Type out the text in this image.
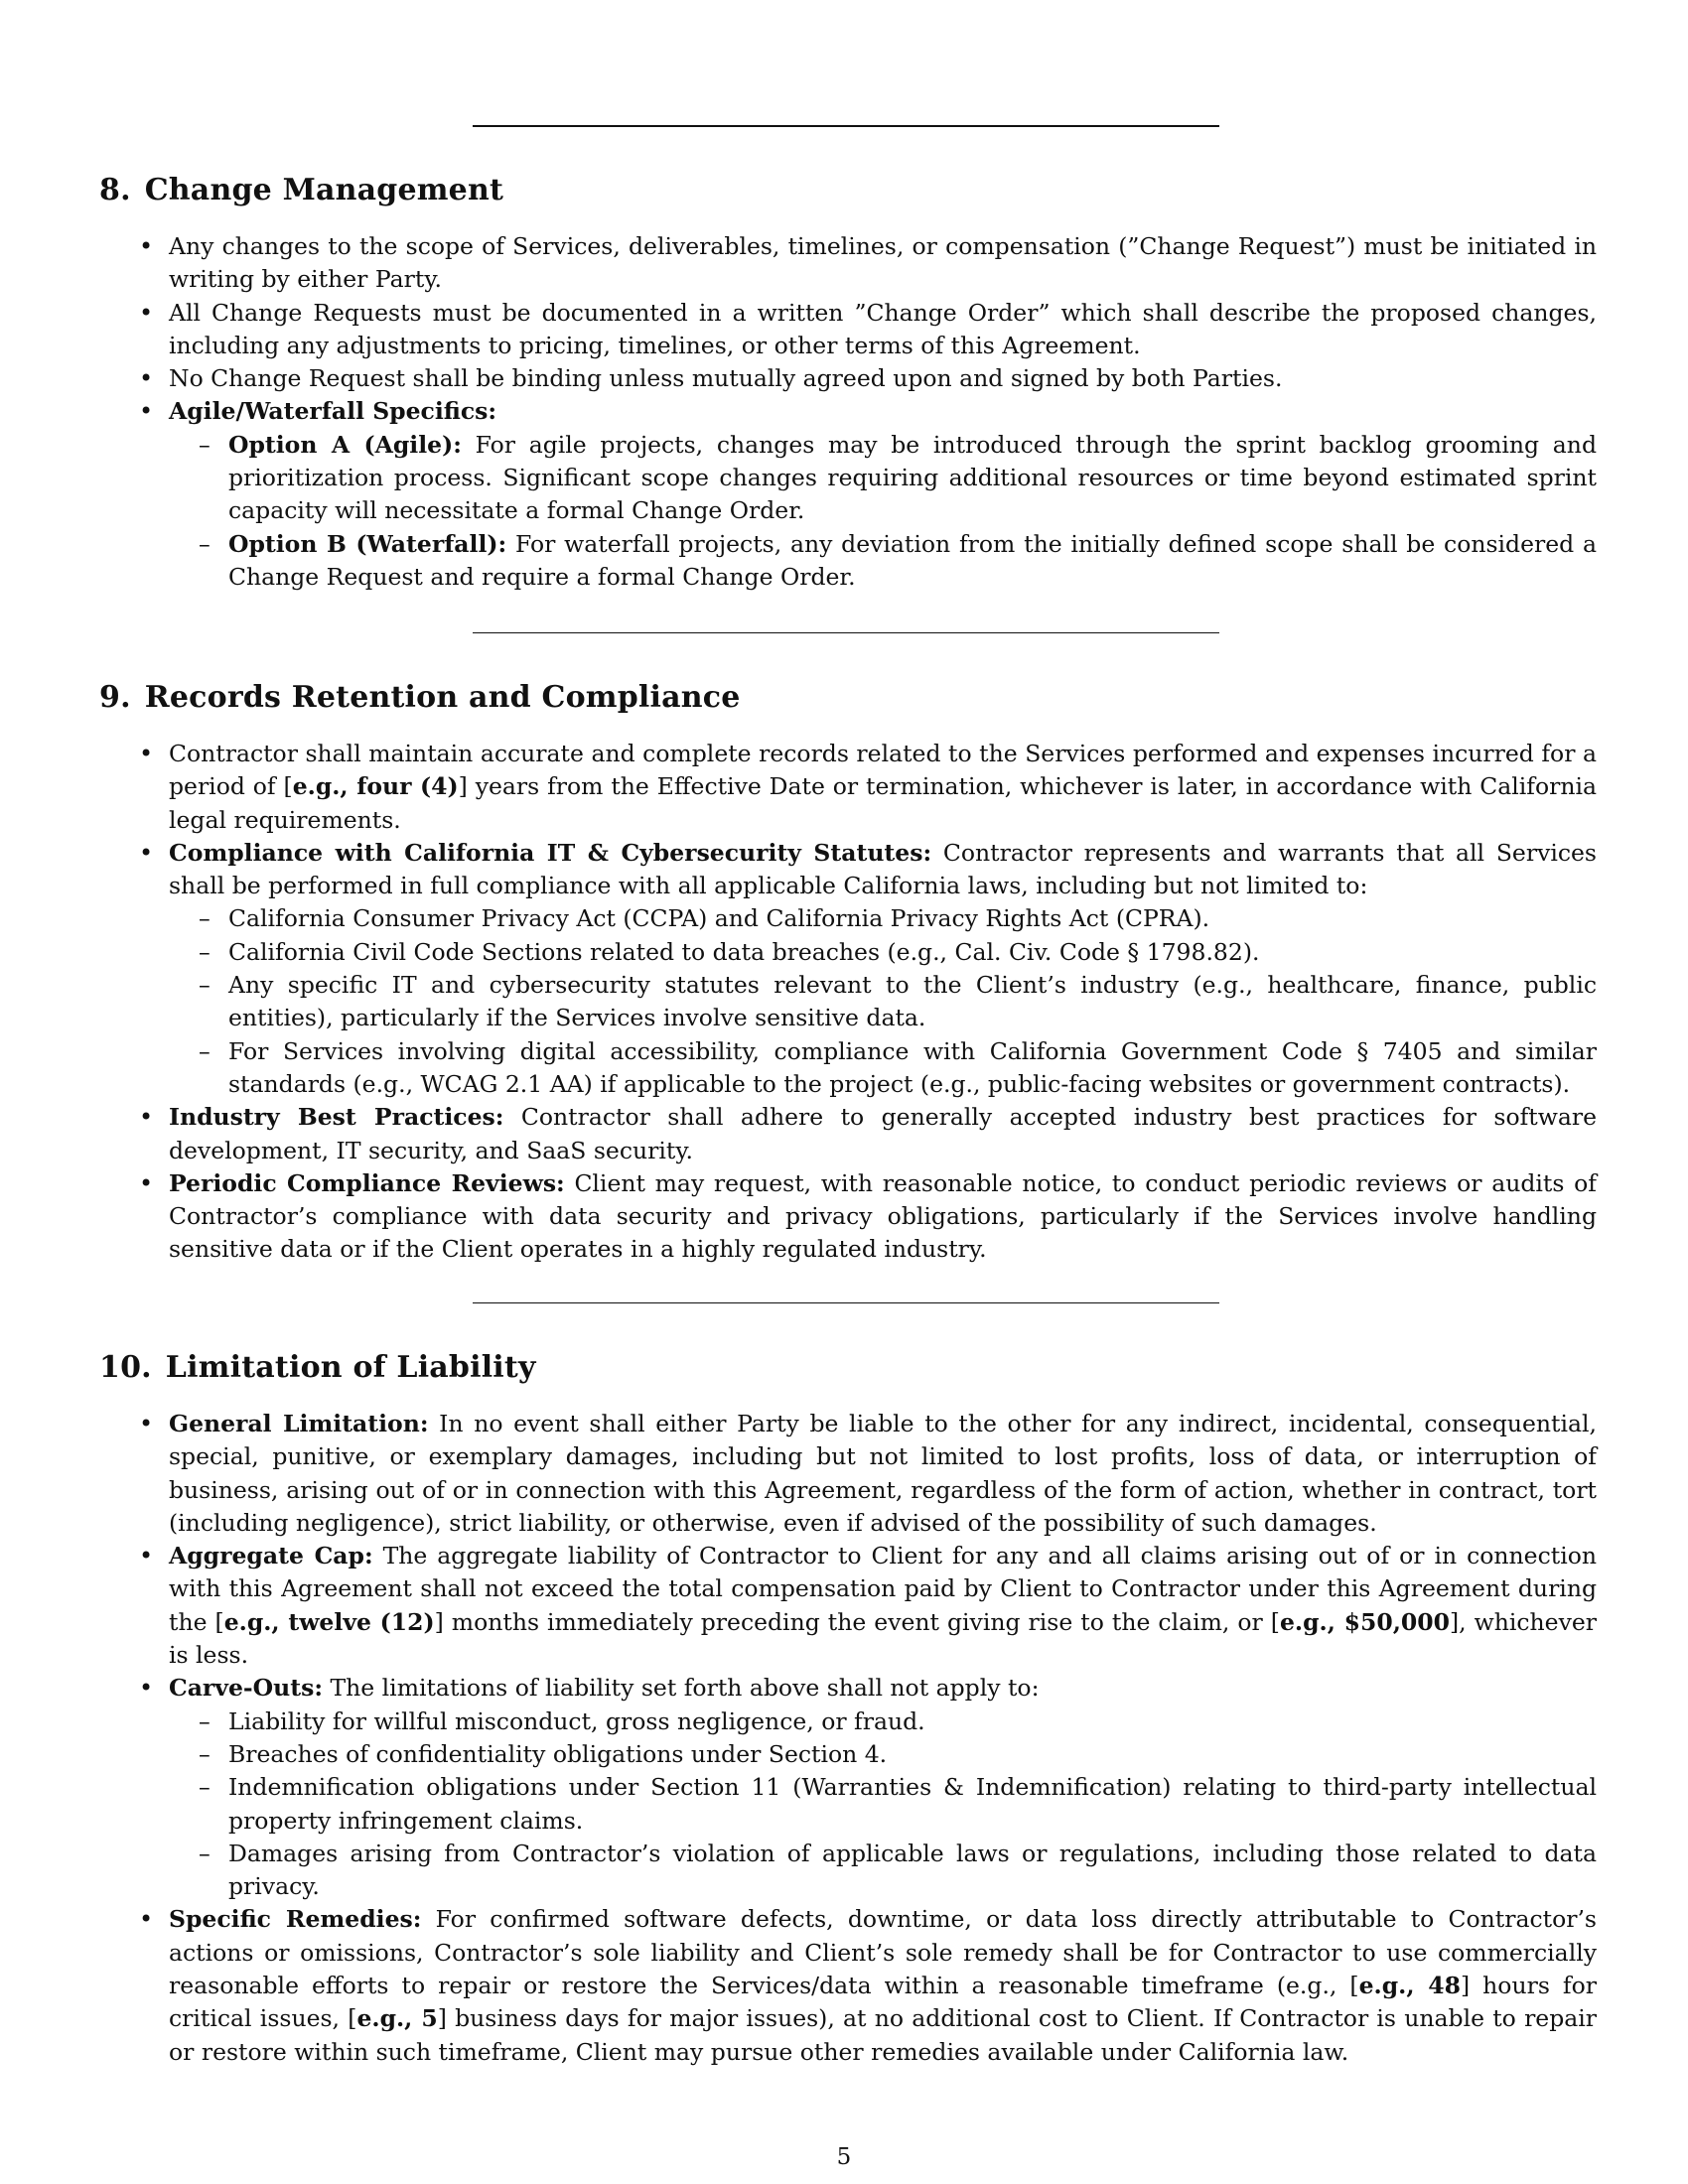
8. Change Management
• Any changes to the scope of Services, deliverables, timelines, or compensation (”Change Request”) must be initiated in writing by either Party.
• All Change Requests must be documented in a written ”Change Order” which shall describe the proposed changes, including any adjustments to pricing, timelines, or other terms of this Agreement.
• No Change Request shall be binding unless mutually agreed upon and signed by both Parties.
• Agile/Waterfall Specifics:
– Option A (Agile): For agile projects, changes may be introduced through the sprint backlog grooming and prioritization process. Significant scope changes requiring additional resources or time beyond estimated sprint capacity will necessitate a formal Change Order.
– Option B (Waterfall): For waterfall projects, any deviation from the initially defined scope shall be considered a Change Request and require a formal Change Order.
9. Records Retention and Compliance
• Contractor shall maintain accurate and complete records related to the Services performed and expenses incurred for a period of [e.g., four (4)] years from the Effective Date or termination, whichever is later, in accordance with California legal requirements.
• Compliance with California IT & Cybersecurity Statutes: Contractor represents and warrants that all Services shall be performed in full compliance with all applicable California laws, including but not limited to:
– California Consumer Privacy Act (CCPA) and California Privacy Rights Act (CPRA).
– California Civil Code Sections related to data breaches (e.g., Cal. Civ. Code § 1798.82).
– Any specific IT and cybersecurity statutes relevant to the Client’s industry (e.g., healthcare, finance, public entities), particularly if the Services involve sensitive data.
– For Services involving digital accessibility, compliance with California Government Code § 7405 and similar standards (e.g., WCAG 2.1 AA) if applicable to the project (e.g., public-facing websites or government contracts).
• Industry Best Practices: Contractor shall adhere to generally accepted industry best practices for software development, IT security, and SaaS security.
• Periodic Compliance Reviews: Client may request, with reasonable notice, to conduct periodic reviews or audits of Contractor’s compliance with data security and privacy obligations, particularly if the Services involve handling sensitive data or if the Client operates in a highly regulated industry.
10. Limitation of Liability
• General Limitation: In no event shall either Party be liable to the other for any indirect, incidental, consequential, special, punitive, or exemplary damages, including but not limited to lost profits, loss of data, or interruption of business, arising out of or in connection with this Agreement, regardless of the form of action, whether in contract, tort (including negligence), strict liability, or otherwise, even if advised of the possibility of such damages.
• Aggregate Cap: The aggregate liability of Contractor to Client for any and all claims arising out of or in connection with this Agreement shall not exceed the total compensation paid by Client to Contractor under this Agreement during the [e.g., twelve (12)] months immediately preceding the event giving rise to the claim, or [e.g., $50,000], whichever is less.
• Carve-Outs: The limitations of liability set forth above shall not apply to:
– Liability for willful misconduct, gross negligence, or fraud.
– Breaches of confidentiality obligations under Section 4.
– Indemnification obligations under Section 11 (Warranties & Indemnification) relating to third-party intellectual property infringement claims.
– Damages arising from Contractor’s violation of applicable laws or regulations, including those related to data privacy.
• Specific Remedies: For confirmed software defects, downtime, or data loss directly attributable to Contractor’s actions or omissions, Contractor’s sole liability and Client’s sole remedy shall be for Contractor to use commercially reasonable efforts to repair or restore the Services/data within a reasonable timeframe (e.g., [e.g., 48] hours for critical issues, [e.g., 5] business days for major issues), at no additional cost to Client. If Contractor is unable to repair or restore within such timeframe, Client may pursue other remedies available under California law.
5
